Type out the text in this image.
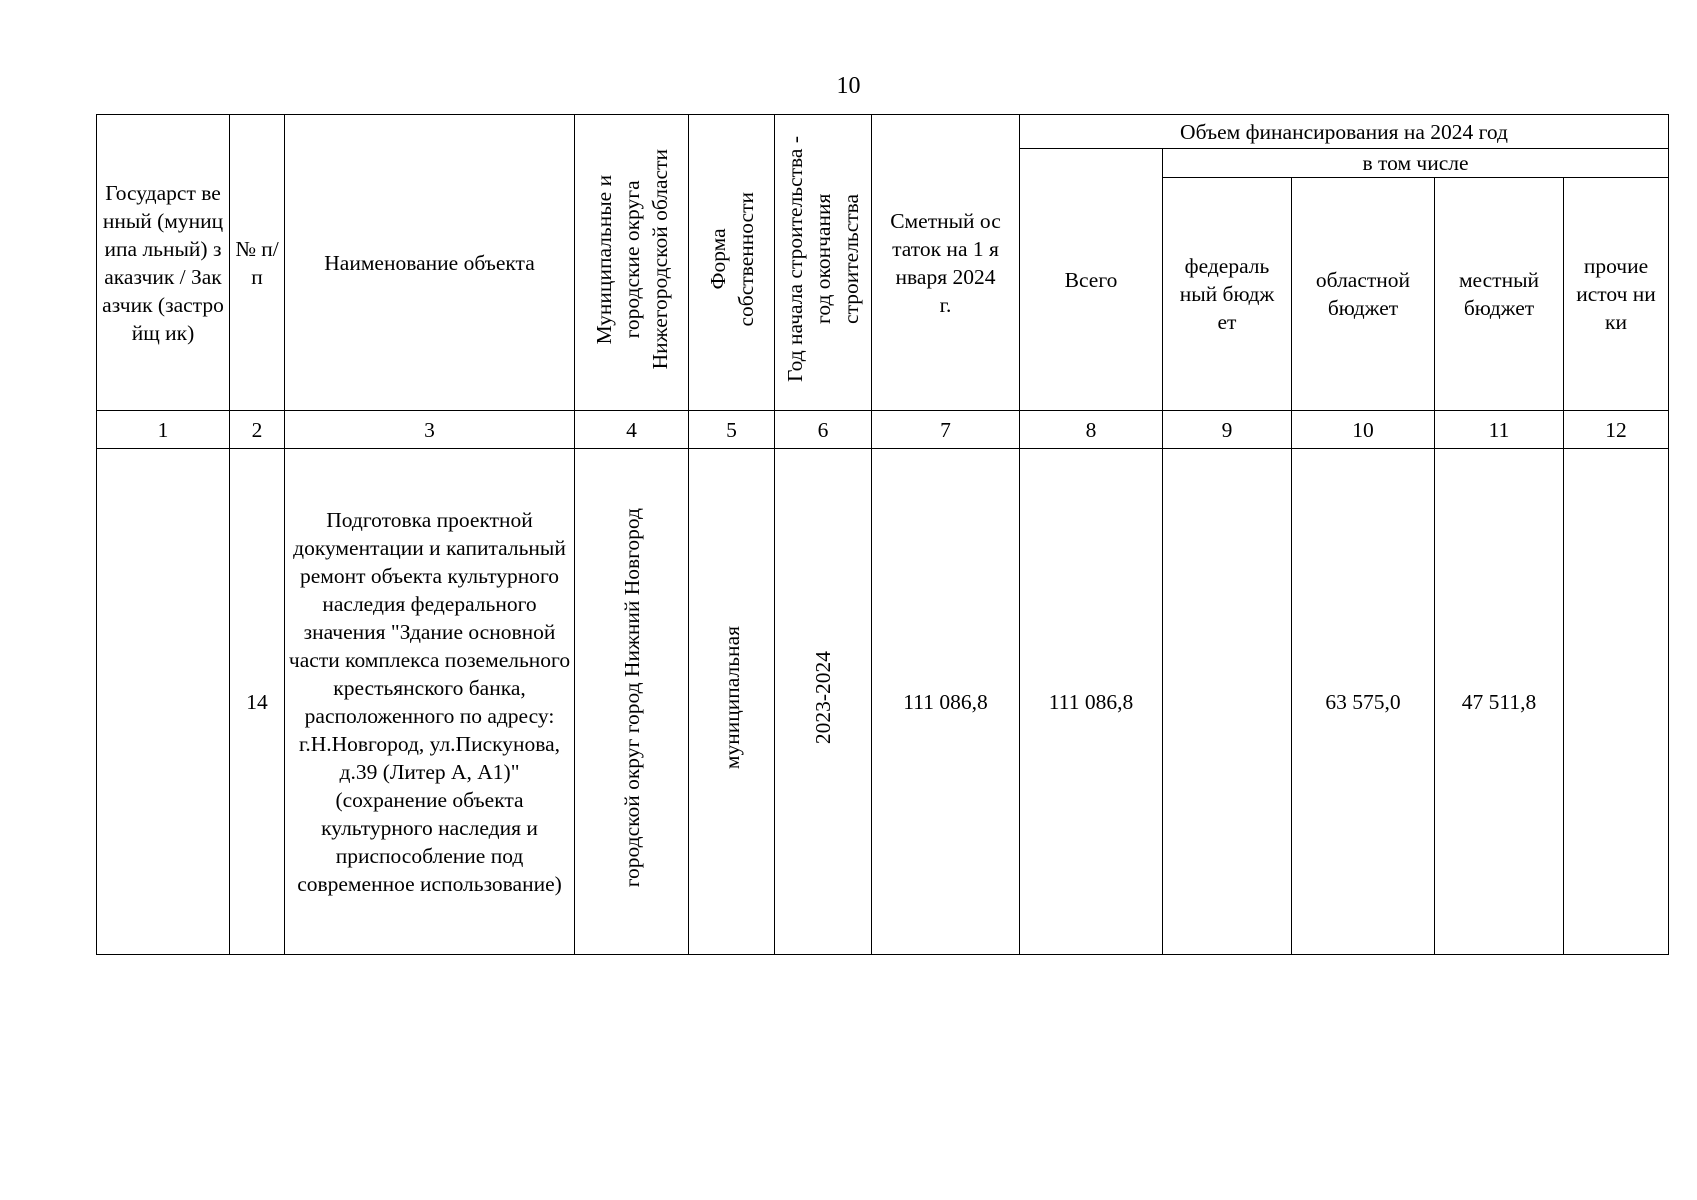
10
Государст венный (муниципа льный) заказчик / Заказчик (застройщ ик)	№ п/п	Наименование объекта	Муниципальные и городские округа Нижегородской области	Форма собственности	Год начала строительства - год окончания строительства	Сметный остаток на 1 января 2024 г.	Объем финансирования на 2024 год				
							Всего	в том числе			

								федераль ный бюджет	областной бюджет	местный бюджет	прочие источ ники

1	2	3	4	5	6	7	8	9	10	11	12
	14	Подготовка проектной документации и капитальный ремонт объекта культурного наследия федерального значения "Здание основной части комплекса поземельного крестьянского банка, расположенного по адресу: г.Н.Новгород, ул.Пискунова, д.39 (Литер А, А1)" (сохранение объекта культурного наследия и приспособление под современное использование)	городской округ город Нижний Новгород	муниципальная	2023-2024	111 086,8	111 086,8		63 575,0	47 511,8	
